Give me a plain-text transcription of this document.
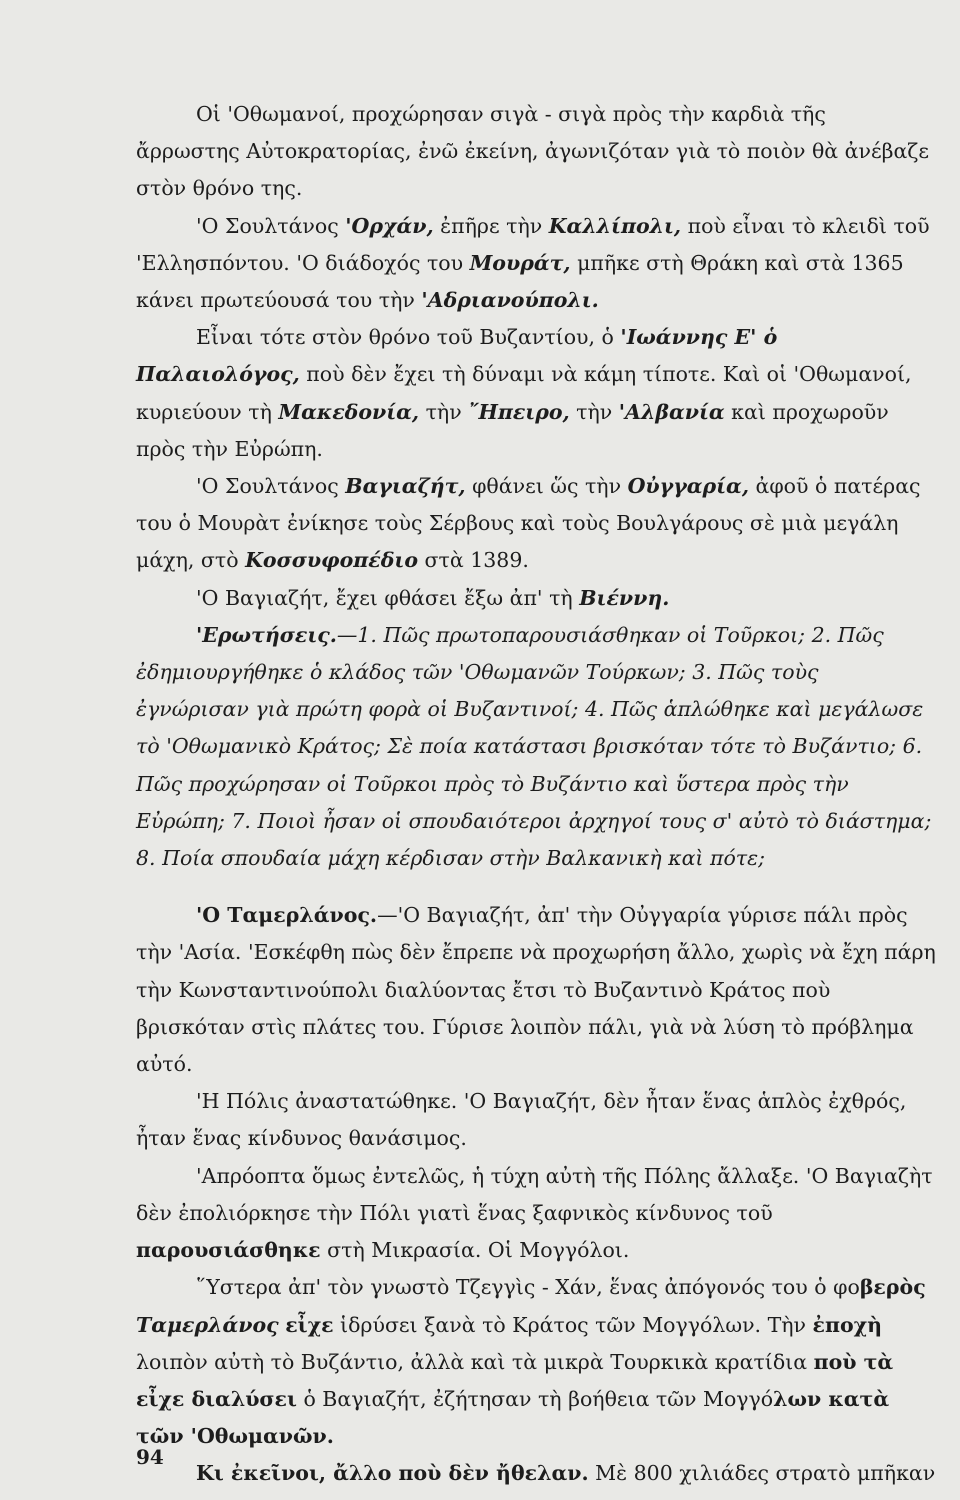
Οἱ 'Οθωμανοί, προχώρησαν σιγὰ - σιγὰ πρὸς τὴν καρδιὰ τῆς ἄρρωστης Αὐτοκρατορίας, ἐνῶ ἐκείνη, ἀγωνιζόταν γιὰ τὸ ποιὸν θὰ ἀνέβαζε στὸν θρόνο της.

'Ο Σουλτάνος 'Ορχάν, ἐπῆρε τὴν Καλλίπολι, ποὺ εἶναι τὸ κλειδὶ τοῦ 'Ελλησπόντου. 'Ο διάδοχός του Μουράτ, μπῆκε στὴ Θράκη καὶ στὰ 1365 κάνει πρωτεύουσά του τὴν 'Αδριανούπολι.

Εἶναι τότε στὸν θρόνο τοῦ Βυζαντίου, ὁ 'Ιωάννης Ε' ὁ Παλαιολόγος, ποὺ δὲν ἔχει τὴ δύναμι νὰ κάμη τίποτε. Καὶ οἱ 'Οθωμανοί, κυριεύουν τὴ Μακεδονία, τὴν ῎Ηπειρο, τὴν 'Αλβανία καὶ προχωροῦν πρὸς τὴν Εὐρώπη.

'Ο Σουλτάνος Βαγιαζήτ, φθάνει ὥς τὴν Οὐγγαρία, ἀφοῦ ὁ πατέρας του ὁ Μουρὰτ ἐνίκησε τοὺς Σέρβους καὶ τοὺς Βουλγάρους σὲ μιὰ μεγάλη μάχη, στὸ Κοσσυφοπέδιο στὰ 1389.

'Ο Βαγιαζήτ, ἔχει φθάσει ἔξω ἀπ' τὴ Βιέννη.

'Ερωτήσεις.—1. Πῶς πρωτοπαρουσιάσθηκαν οἱ Τοῦρκοι; 2. Πῶς ἐδημιουργήθηκε ὁ κλάδος τῶν 'Οθωμανῶν Τούρκων; 3. Πῶς τοὺς ἐγνώρισαν γιὰ πρώτη φορὰ οἱ Βυζαντινοί; 4. Πῶς ἁπλώθηκε καὶ μεγάλωσε τὸ 'Οθωμανικὸ Κράτος; Σὲ ποία κατάστασι βρισκόταν τότε τὸ Βυζάντιο; 6. Πῶς προχώρησαν οἱ Τοῦρκοι πρὸς τὸ Βυζάντιο καὶ ὕστερα πρὸς τὴν Εὐρώπη; 7. Ποιοὶ ἦσαν οἱ σπουδαιότεροι ἀρχηγοί τους σ' αὐτὸ τὸ διάστημα; 8. Ποία σπουδαία μάχη κέρδισαν στὴν Βαλκανικὴ καὶ πότε;

'Ο Ταμερλάνος.—'Ο Βαγιαζήτ, ἀπ' τὴν Οὐγγαρία γύρισε πάλι πρὸς τὴν 'Ασία. 'Εσκέφθη πὼς δὲν ἔπρεπε νὰ προχωρήση ἄλλο, χωρὶς νὰ ἔχη πάρη τὴν Κωνσταντινούπολι διαλύοντας ἔτσι τὸ Βυζαντινὸ Κράτος ποὺ βρισκόταν στὶς πλάτες του. Γύρισε λοιπὸν πάλι, γιὰ νὰ λύση τὸ πρόβλημα αὐτό.

'Η Πόλις ἀναστατώθηκε. 'Ο Βαγιαζήτ, δὲν ἦταν ἕνας ἁπλὸς ἐχθρός, ἦταν ἕνας κίνδυνος θανάσιμος.

'Απρόοπτα ὅμως ἐντελῶς, ἡ τύχη αὐτὴ τῆς Πόλης ἄλλαξε. 'Ο Βαγιαζὴτ δὲν ἐπολιόρκησε τὴν Πόλι γιατὶ ἕνας ξαφνικὸς κίνδυνος τοῦ παρουσιάσθηκε στὴ Μικρασία. Οἱ Μογγόλοι.

῞Υστερα ἀπ' τὸν γνωστὸ Τζεγγὶς - Χάν, ἕνας ἀπόγονός του ὁ φοβερὸς Ταμερλάνος εἶχε ἱδρύσει ξανὰ τὸ Κράτος τῶν Μογγόλων. Τὴν ἐποχὴ λοιπὸν αὐτὴ τὸ Βυζάντιο, ἀλλὰ καὶ τὰ μικρὰ Τουρκικὰ κρατίδια ποὺ τὰ εἶχε διαλύσει ὁ Βαγιαζήτ, ἐζήτησαν τὴ βοήθεια τῶν Μογγόλων κατὰ τῶν 'Οθωμανῶν.

Κι ἐκεῖνοι, ἄλλο ποὺ δὲν ἤθελαν. Μὲ 800 χιλιάδες στρατὸ μπῆκαν

94
